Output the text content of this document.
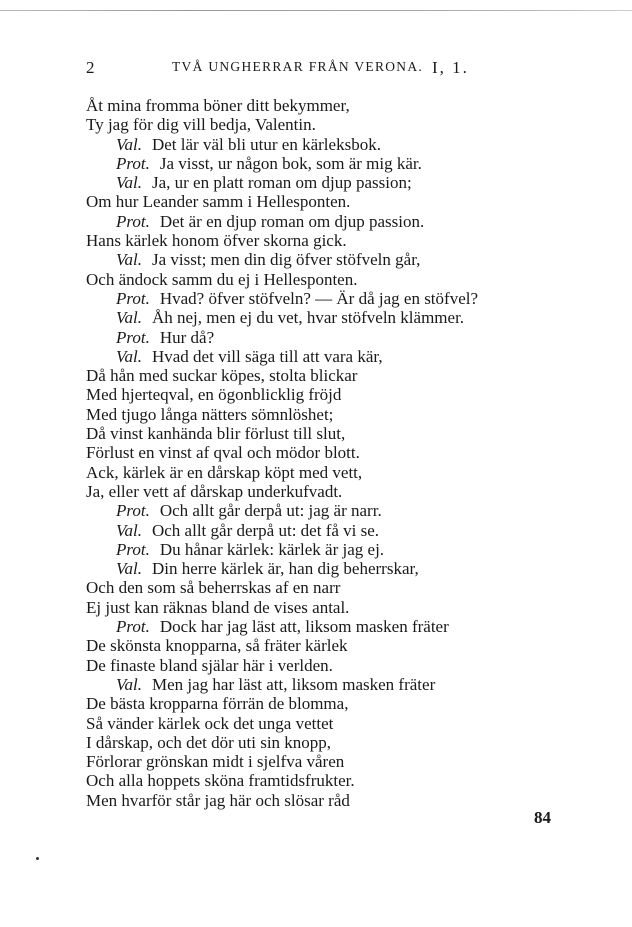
2	TVÅ UNGHERRAR FRÅN VERONA. I, 1.
Åt mina fromma böner ditt bekymmer,
Ty jag för dig vill bedja, Valentin.
Val. Det lär väl bli utur en kärleksbok.
Prot. Ja visst, ur någon bok, som är mig kär.
Val. Ja, ur en platt roman om djup passion;
Om hur Leander samm i Hellesponten.
Prot. Det är en djup roman om djup passion.
Hans kärlek honom öfver skorna gick.
Val. Ja visst; men din dig öfver stöfveln går,
Och ändock samm du ej i Hellesponten.
Prot. Hvad? öfver stöfveln? — Är då jag en stöfvel?
Val. Åh nej, men ej du vet, hvar stöfveln klämmer.
Prot. Hur då?
Val. Hvad det vill säga till att vara kär,
Då hån med suckar köpes, stolta blickar
Med hjerteqval, en ögonblicklig fröjd
Med tjugo långa nätters sömnlöshet;
Då vinst kanhända blir förlust till slut,
Förlust en vinst af qval och mödor blott.
Ack, kärlek är en dårskap köpt med vett,
Ja, eller vett af dårskap underkufvadt.
Prot. Och allt går derpå ut: jag är narr.
Val. Och allt går derpå ut: det få vi se.
Prot. Du hånar kärlek: kärlek är jag ej.
Val. Din herre kärlek är, han dig beherrskar,
Och den som så beherrskas af en narr
Ej just kan räknas bland de vises antal.
Prot. Dock har jag läst att, liksom masken fräter
De skönsta knopparna, så fräter kärlek
De finaste bland själar här i verlden.
Val. Men jag har läst att, liksom masken fräter
De bästa kropparna förrän de blomma,
Så vänder kärlek ock det unga vettet
I dårskap, och det dör uti sin knopp,
Förlorar grönskan midt i sjelfva våren
Och alla hoppets sköna framtidsfrukter.
Men hvarför står jag här och slösar råd
84
